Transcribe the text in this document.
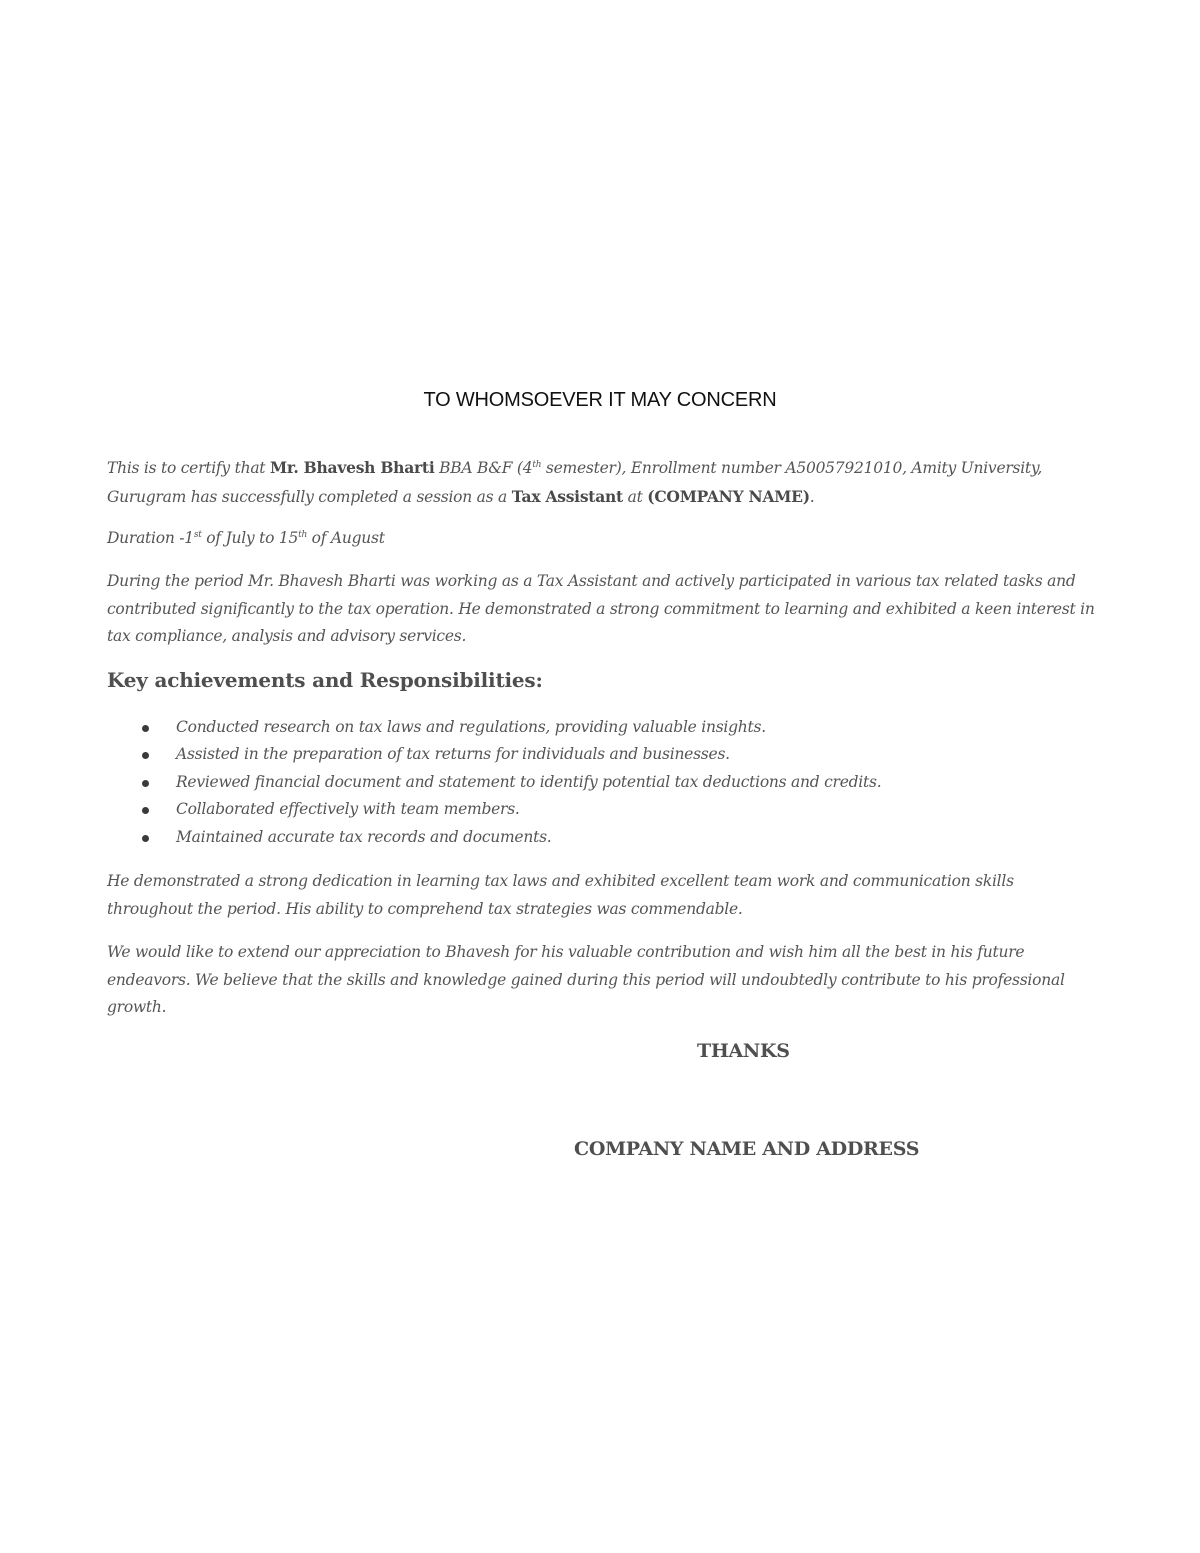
TO WHOMSOEVER IT MAY CONCERN

This is to certify that Mr. Bhavesh Bharti BBA B&F (4th semester), Enrollment number A50057921010, Amity University, Gurugram has successfully completed a session as a Tax Assistant at (COMPANY NAME).

Duration -1st of July to 15th of August

During the period Mr. Bhavesh Bharti was working as a Tax Assistant and actively participated in various tax related tasks and contributed significantly to the tax operation. He demonstrated a strong commitment to learning and exhibited a keen interest in tax compliance, analysis and advisory services.

Key achievements and Responsibilities:
Conducted research on tax laws and regulations, providing valuable insights.
Assisted in the preparation of tax returns for individuals and businesses.
Reviewed financial document and statement to identify potential tax deductions and credits.
Collaborated effectively with team members.
Maintained accurate tax records and documents.

He demonstrated a strong dedication in learning tax laws and exhibited excellent team work and communication skills throughout the period. His ability to comprehend tax strategies was commendable.

We would like to extend our appreciation to Bhavesh for his valuable contribution and wish him all the best in his future endeavors. We believe that the skills and knowledge gained during this period will undoubtedly contribute to his professional growth.

THANKS
COMPANY NAME AND ADDRESS
